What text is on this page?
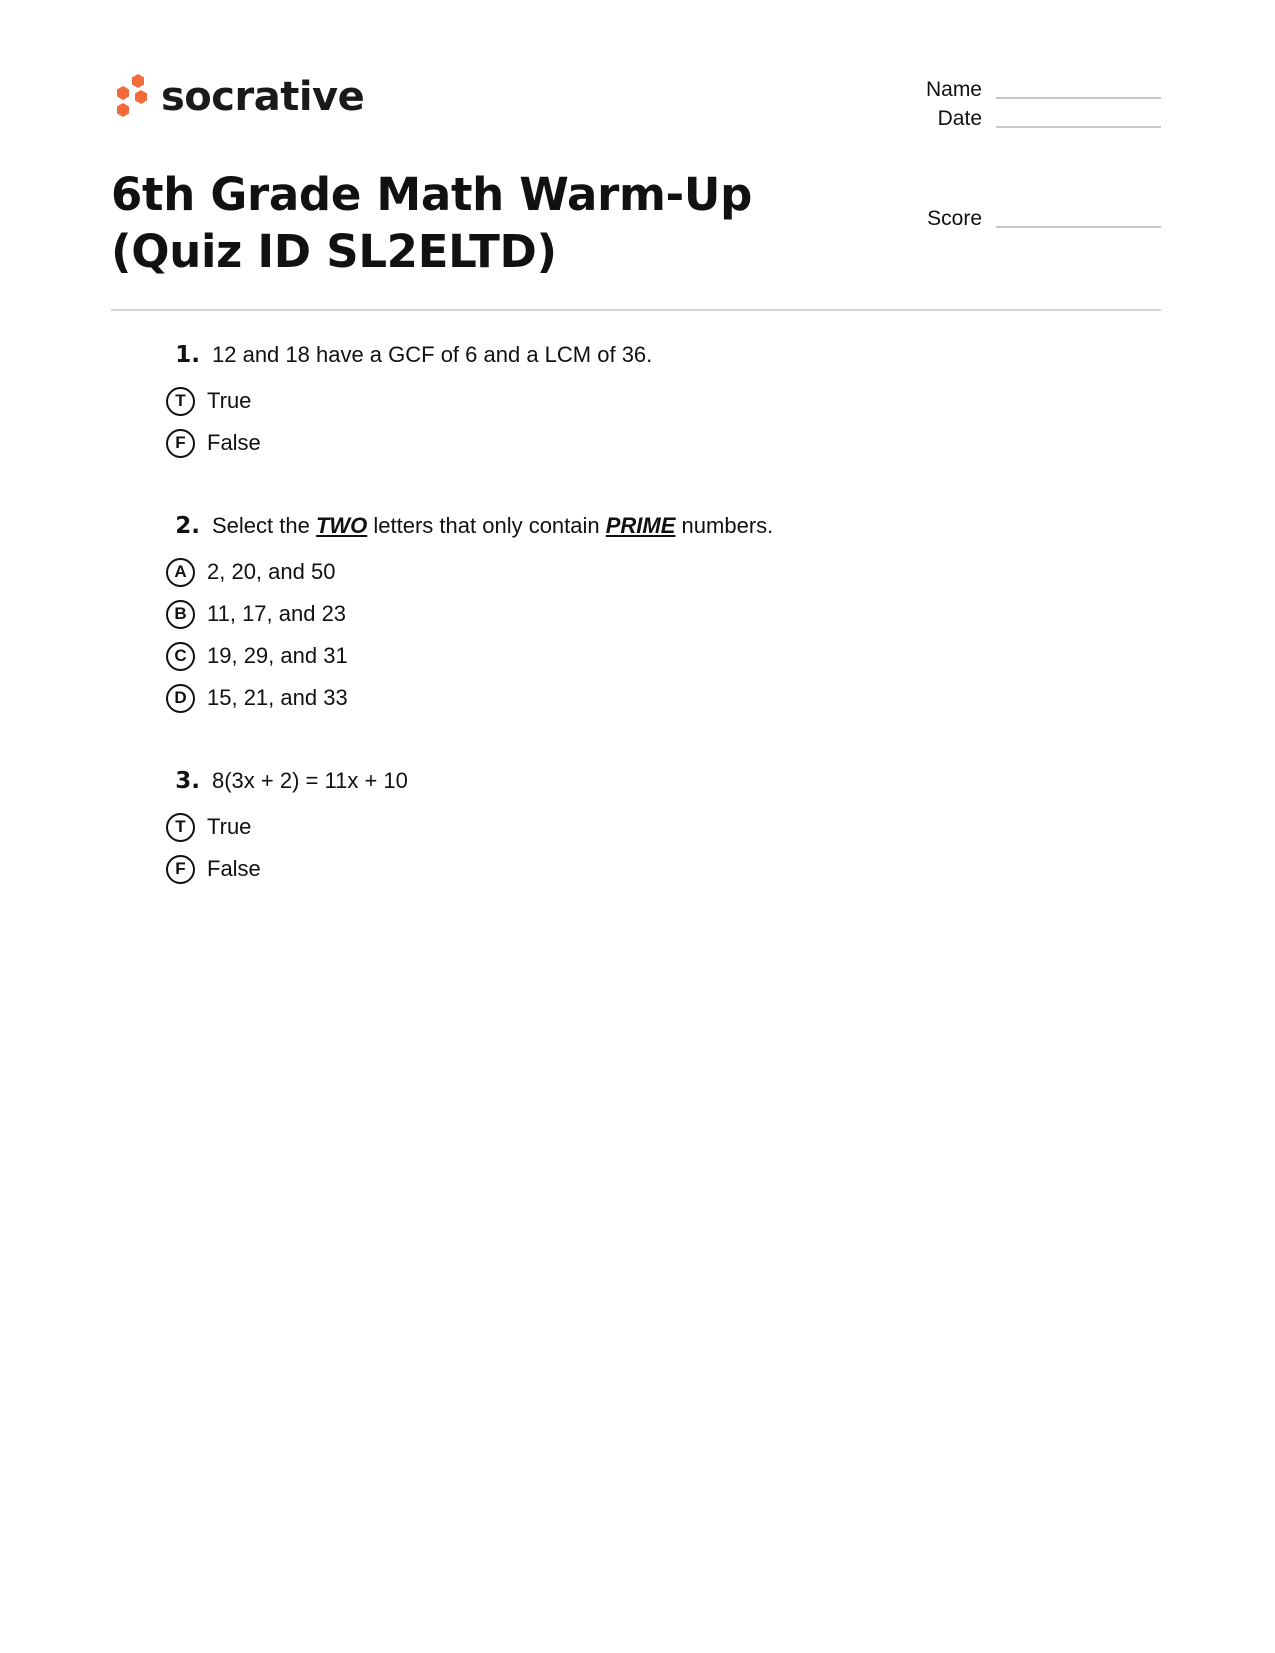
socrative
6th Grade Math Warm-Up (Quiz ID SL2ELTD)
Name
Date
Score
1. 12 and 18 have a GCF of 6 and a LCM of 36.
T True
F False
2. Select the TWO letters that only contain PRIME numbers.
A 2, 20, and 50
B 11, 17, and 23
C 19, 29, and 31
D 15, 21, and 33
3. 8(3x + 2) = 11x + 10
T True
F False
